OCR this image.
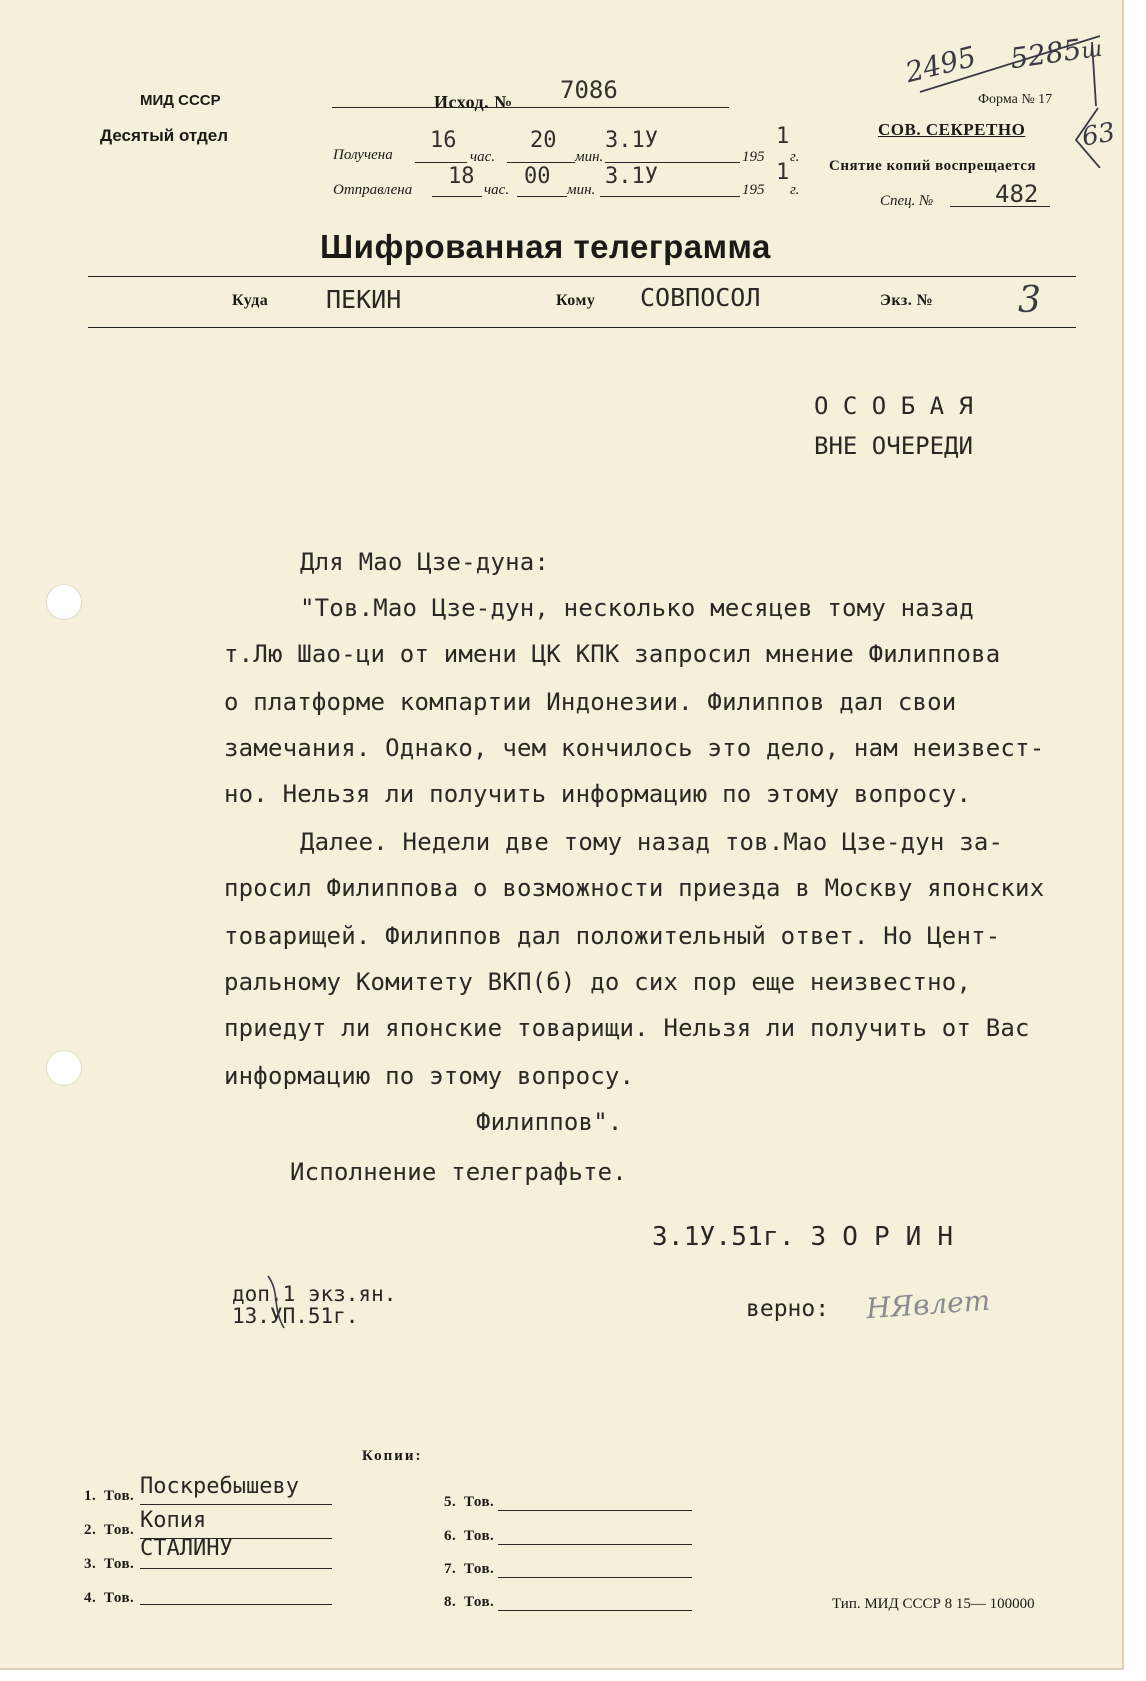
МИД СССР
Десятый отдел
Исход. № 7086
Получена
16
час.
20
мин.
3.1У
195
1
г.
Отправлена
18
час.
00
мин.
3.1У
195
1
г.
Форма № 17
СОВ. СЕКРЕТНО
Снятие копий воспрещается
Спец. №	482
2495 5285ш
63
Шифрованная телеграмма
Куда ПЕКИН	Кому СОВПОСОЛ	Экз. № 3
О С О Б А Я
ВНЕ ОЧЕРЕДИ
Для Мао Цзе-дуна:
"Тов.Мао Цзе-дун, несколько месяцев тому назад
т.Лю Шао-ци от имени ЦК КПК запросил мнение Филиппова
о платформе компартии Индонезии. Филиппов дал свои
замечания. Однако, чем кончилось это дело, нам неизвест-
но. Нельзя ли получить информацию по этому вопросу.
Далее. Недели две тому назад тов.Мао Цзе-дун за-
просил Филиппова о возможности приезда в Москву японских
товарищей. Филиппов дал положительный ответ. Но Цент-
ральному Комитету ВКП(б) до сих пор еще неизвестно,
приедут ли японские товарищи. Нельзя ли получить от Вас
информацию по этому вопросу.
Филиппов".
Исполнение телеграфьте.
3.1У.51г. З О Р И Н
доп.1 экз.ян.
13.УП.51г.	верно: НЯвлет
Копии:
1. Тов. Поскребышеву
2. Тов. Копия
3. Тов.
СТАЛИНУ
4. Тов.
5. Тов.
6. Тов.
7. Тов.
8. Тов.	Тип. МИД СССР 8 15— 100000
